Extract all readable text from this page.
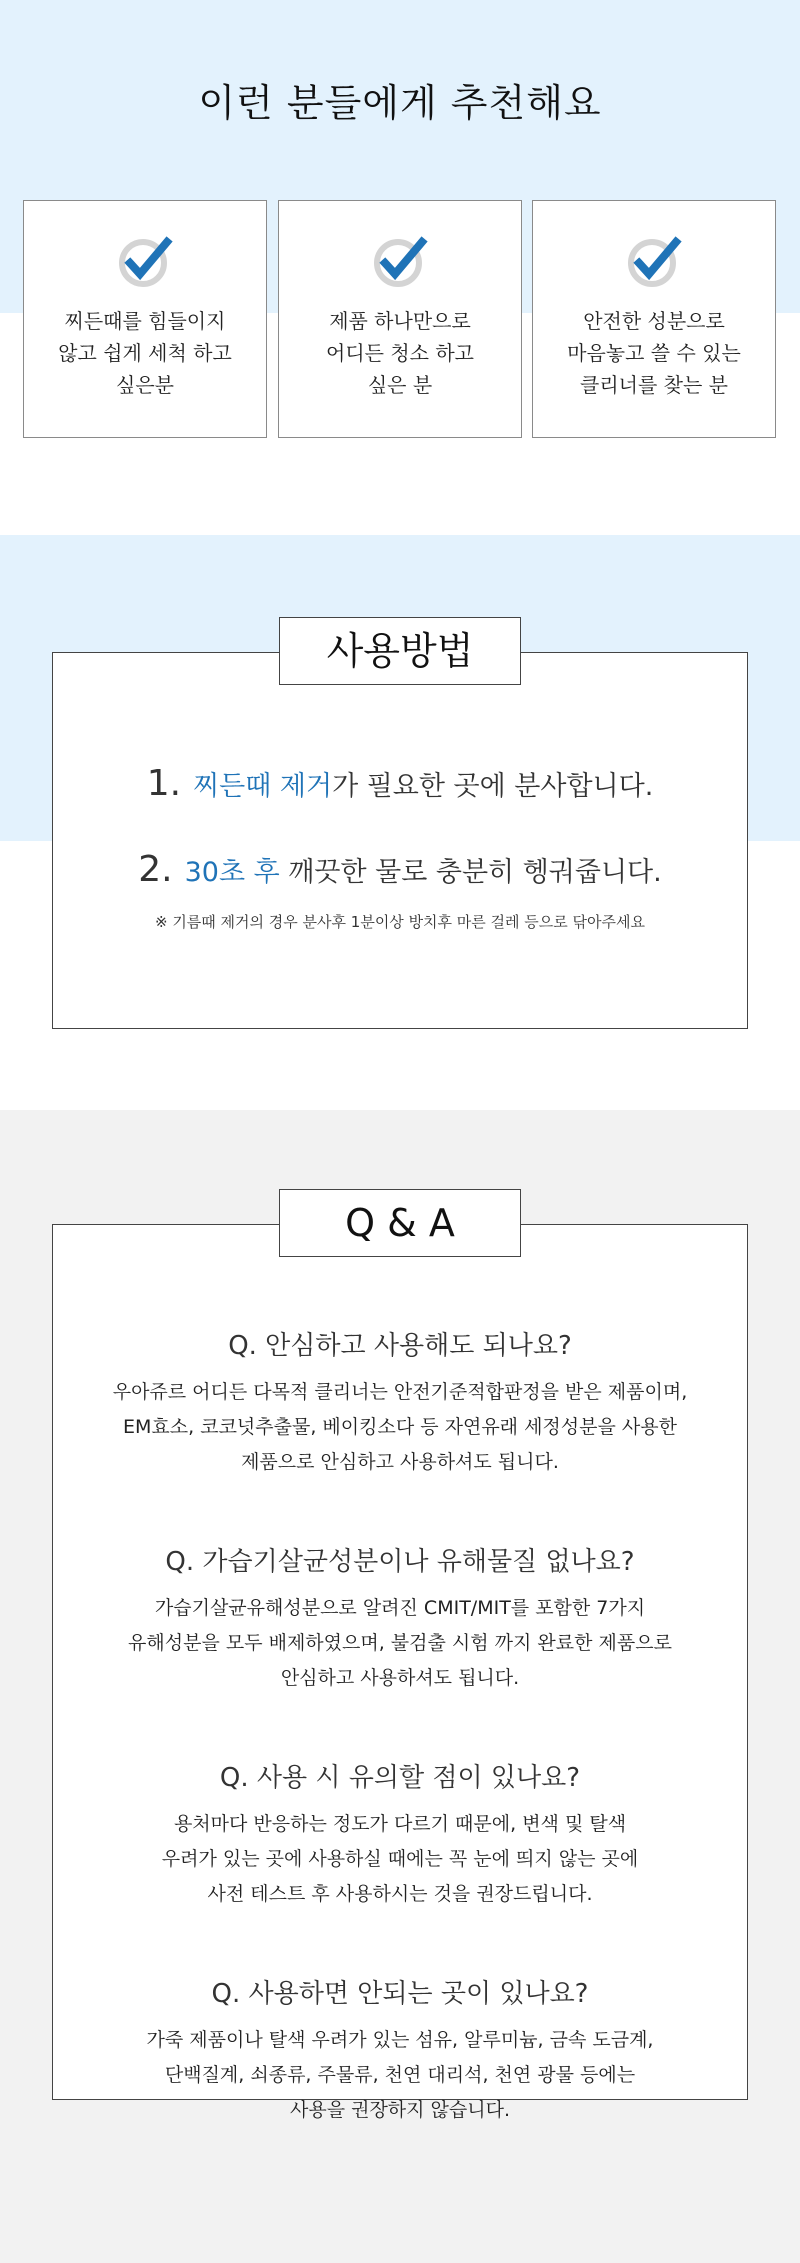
이런 분들에게 추천해요
찌든때를 힘들이지
않고 쉽게 세척 하고
싶은분
제품 하나만으로
어디든 청소 하고
싶은 분
안전한 성분으로
마음놓고 쓸 수 있는
클리너를 찾는 분
1. 찌든때 제거가 필요한 곳에 분사합니다.
2. 30초 후 깨끗한 물로 충분히 헹궈줍니다.
※ 기름때 제거의 경우 분사후 1분이상 방치후 마른 걸레 등으로 닦아주세요
사용방법
Q. 안심하고 사용해도 되나요?
우아쥬르 어디든 다목적 클리너는 안전기준적합판정을 받은 제품이며,
EM효소, 코코넛추출물, 베이킹소다 등 자연유래 세정성분을 사용한
제품으로 안심하고 사용하셔도 됩니다.
Q. 가습기살균성분이나 유해물질 없나요?
가습기살균유해성분으로 알려진 CMIT/MIT를 포함한 7가지
유해성분을 모두 배제하였으며, 불검출 시험 까지 완료한 제품으로
안심하고 사용하셔도 됩니다.
Q. 사용 시 유의할 점이 있나요?
용처마다 반응하는 정도가 다르기 때문에, 변색 및 탈색
우려가 있는 곳에 사용하실 때에는 꼭 눈에 띄지 않는 곳에
사전 테스트 후 사용하시는 것을 권장드립니다.
Q. 사용하면 안되는 곳이 있나요?
가죽 제품이나 탈색 우려가 있는 섬유, 알루미늄, 금속 도금계,
단백질계, 쇠종류, 주물류, 천연 대리석, 천연 광물 등에는
사용을 권장하지 않습니다.
Q & A
